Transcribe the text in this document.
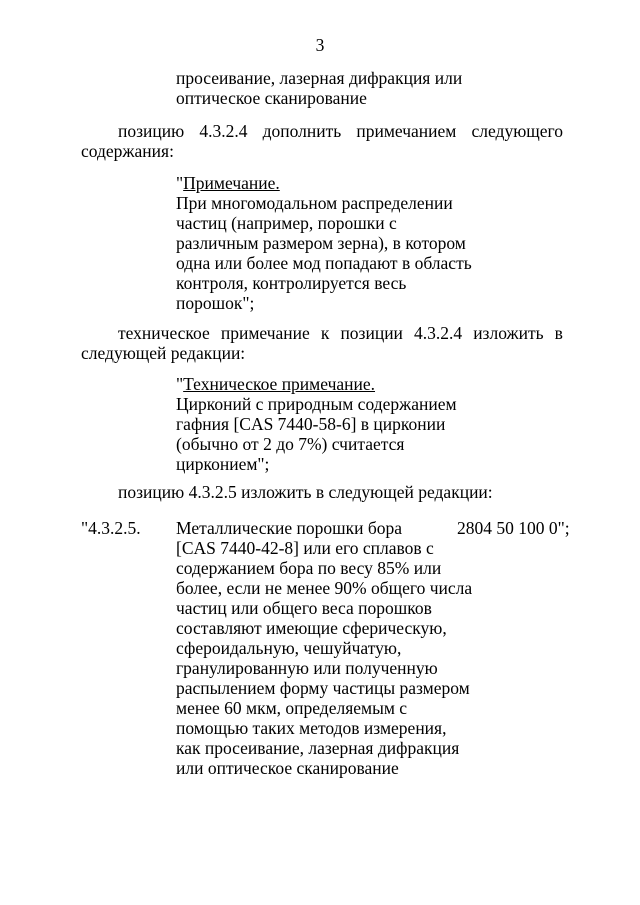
3
просеивание, лазерная дифракция или
оптическое сканирование
позицию 4.3.2.4 дополнить примечанием следующего
содержания:
"Примечание.
При многомодальном распределении
частиц (например, порошки с
различным размером зерна), в котором
одна или более мод попадают в область
контроля, контролируется весь
порошок";
техническое примечание к позиции 4.3.2.4 изложить в
следующей редакции:
"Техническое примечание.
Цирконий с природным содержанием
гафния [CAS 7440-58-6] в цирконии
(обычно от 2 до 7%) считается
цирконием";
позицию 4.3.2.5 изложить в следующей редакции:
"4.3.2.5. Металлические порошки бора
[CAS 7440-42-8] или его сплавов с
содержанием бора по весу 85% или
более, если не менее 90% общего числа
частиц или общего веса порошков
составляют имеющие сферическую,
сфероидальную, чешуйчатую,
гранулированную или полученную
распылением форму частицы размером
менее 60 мкм, определяемым с
помощью таких методов измерения,
как просеивание, лазерная дифракция
или оптическое сканирование
2804 50 100 0";
